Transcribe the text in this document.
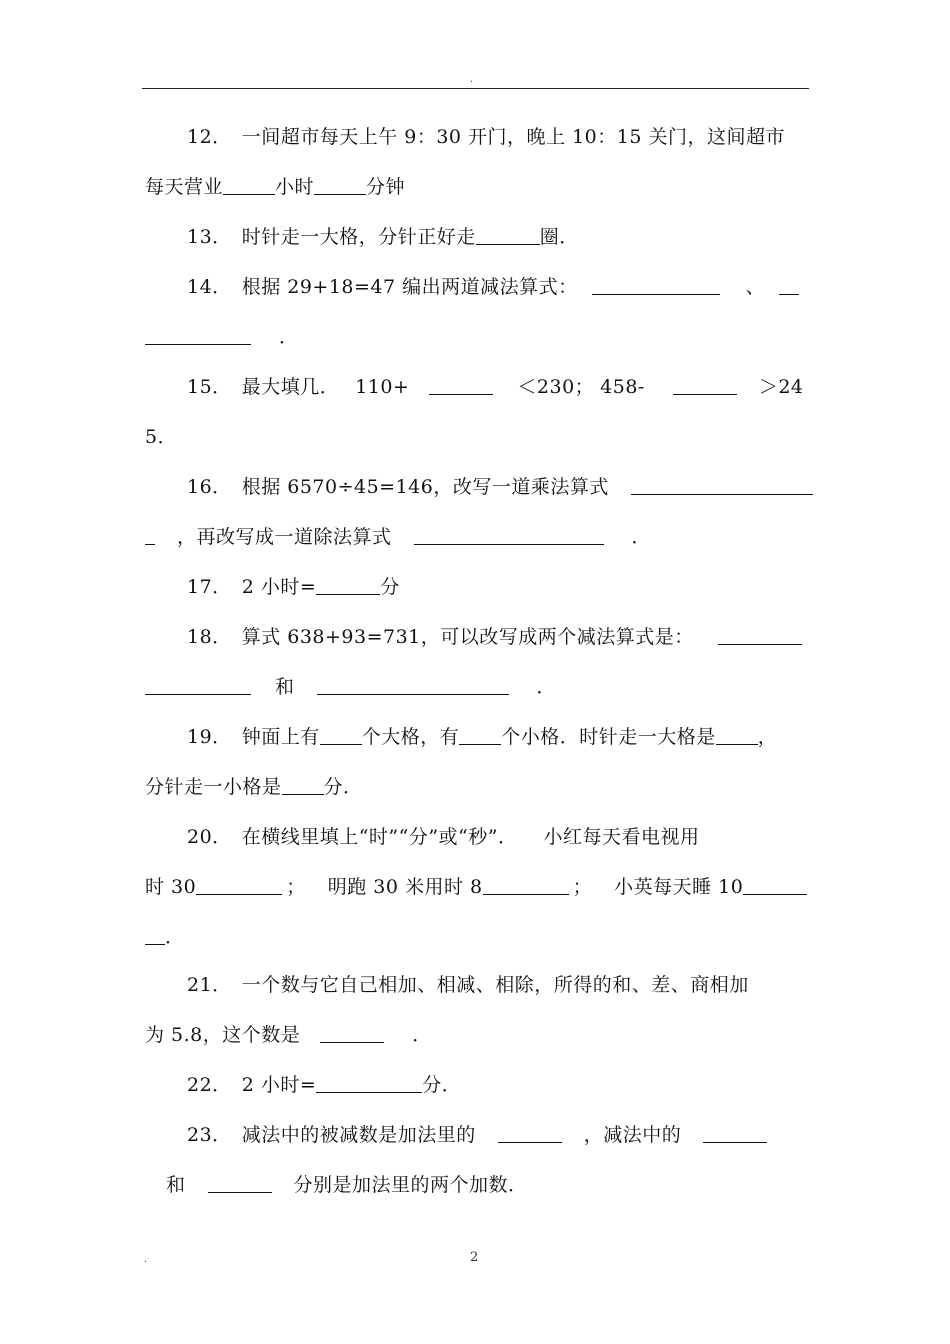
.
12． 一间超市每天上午 9：30 开门，晚上 10：15 关门，这间超市
每天营业	小时	分钟
13． 时针走一大格，分针正好走	圈．
14． 根据 29+18=47 编出两道减法算式：	、
．
15． 最大填几． 110+	＜230； 458-	＞24
5．
16． 根据 6570÷45=146，改写一道乘法算式
，再改写成一道除法算式	．
17． 2 小时=	分
18． 算式 638+93=731，可以改写成两个减法算式是：
和	．
19． 钟面上有 个大格，有 个小格．时针走一大格是 ，
分针走一小格是 分．
20． 在横线里填上“时”“分”或“秒”． 小红每天看电视用
时 30	； 明跑 30 米用时 8	； 小英每天睡 10
．
21． 一个数与它自己相加、相减、相除，所得的和、差、商相加
为 5.8，这个数是	．
22． 2 小时=	分．
23． 减法中的被减数是加法里的	，减法中的
和	分别是加法里的两个加数．
.	2
